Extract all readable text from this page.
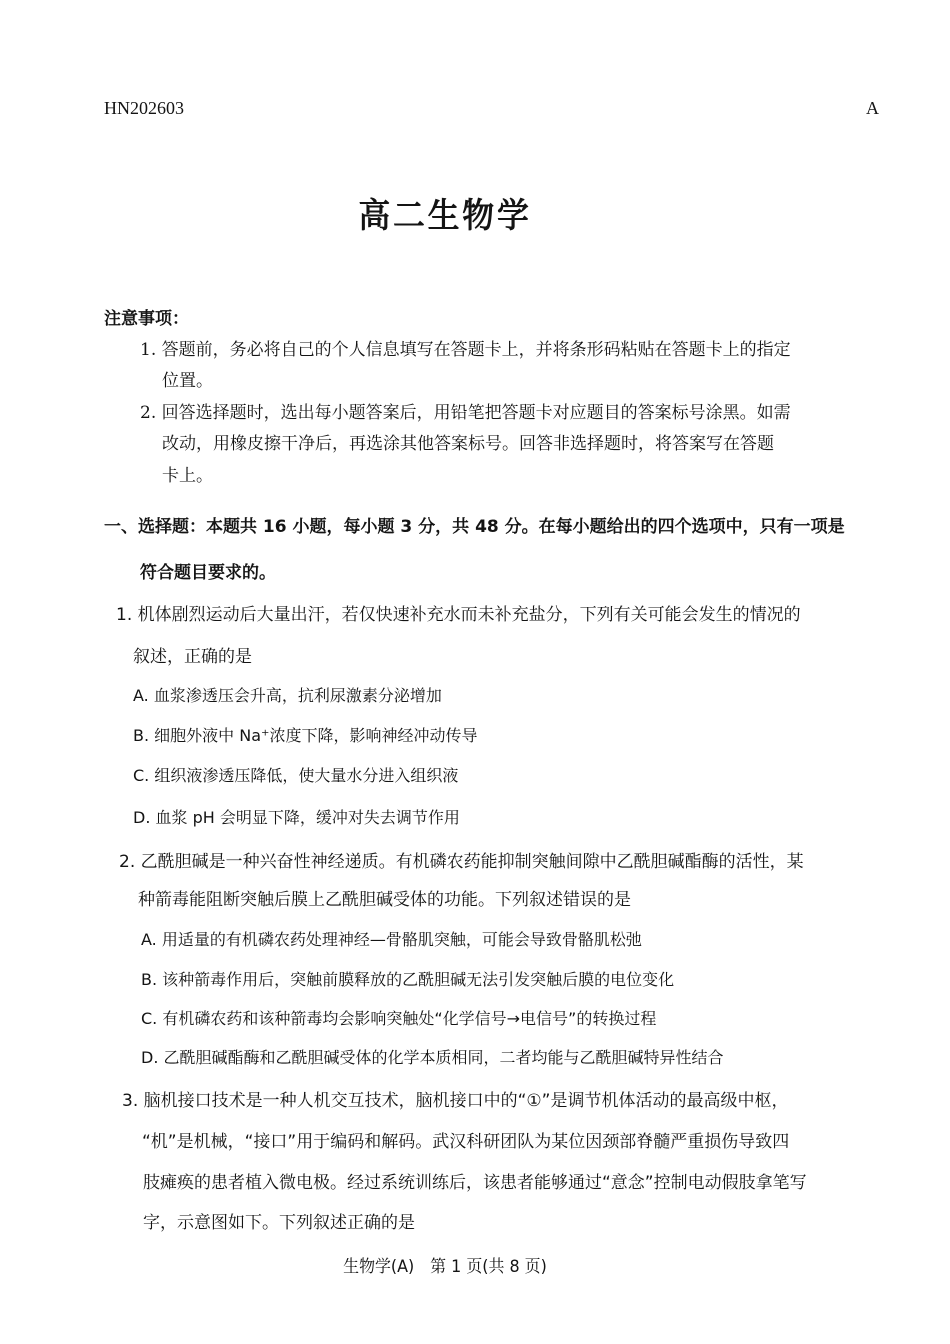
HN202603	A
高二生物学
注意事项：
1. 答题前，务必将自己的个人信息填写在答题卡上，并将条形码粘贴在答题卡上的指定
位置。
2. 回答选择题时，选出每小题答案后，用铅笔把答题卡对应题目的答案标号涂黑。如需
改动，用橡皮擦干净后，再选涂其他答案标号。回答非选择题时，将答案写在答题
卡上。
一、选择题：本题共 16 小题，每小题 3 分，共 48 分。在每小题给出的四个选项中，只有一项是
符合题目要求的。
1. 机体剧烈运动后大量出汗，若仅快速补充水而未补充盐分，下列有关可能会发生的情况的
叙述，正确的是
A. 血浆渗透压会升高，抗利尿激素分泌增加
B. 细胞外液中 Na⁺浓度下降，影响神经冲动传导
C. 组织液渗透压降低，使大量水分进入组织液
D. 血浆 pH 会明显下降，缓冲对失去调节作用
2. 乙酰胆碱是一种兴奋性神经递质。有机磷农药能抑制突触间隙中乙酰胆碱酯酶的活性，某
种箭毒能阻断突触后膜上乙酰胆碱受体的功能。下列叙述错误的是
A. 用适量的有机磷农药处理神经—骨骼肌突触，可能会导致骨骼肌松弛
B. 该种箭毒作用后，突触前膜释放的乙酰胆碱无法引发突触后膜的电位变化
C. 有机磷农药和该种箭毒均会影响突触处“化学信号→电信号”的转换过程
D. 乙酰胆碱酯酶和乙酰胆碱受体的化学本质相同，二者均能与乙酰胆碱特异性结合
3. 脑机接口技术是一种人机交互技术，脑机接口中的“①”是调节机体活动的最高级中枢，
“机”是机械，“接口”用于编码和解码。武汉科研团队为某位因颈部脊髓严重损伤导致四
肢瘫痪的患者植入微电极。经过系统训练后，该患者能够通过“意念”控制电动假肢拿笔写
字，示意图如下。下列叙述正确的是
生物学(A)　第 1 页(共 8 页)
